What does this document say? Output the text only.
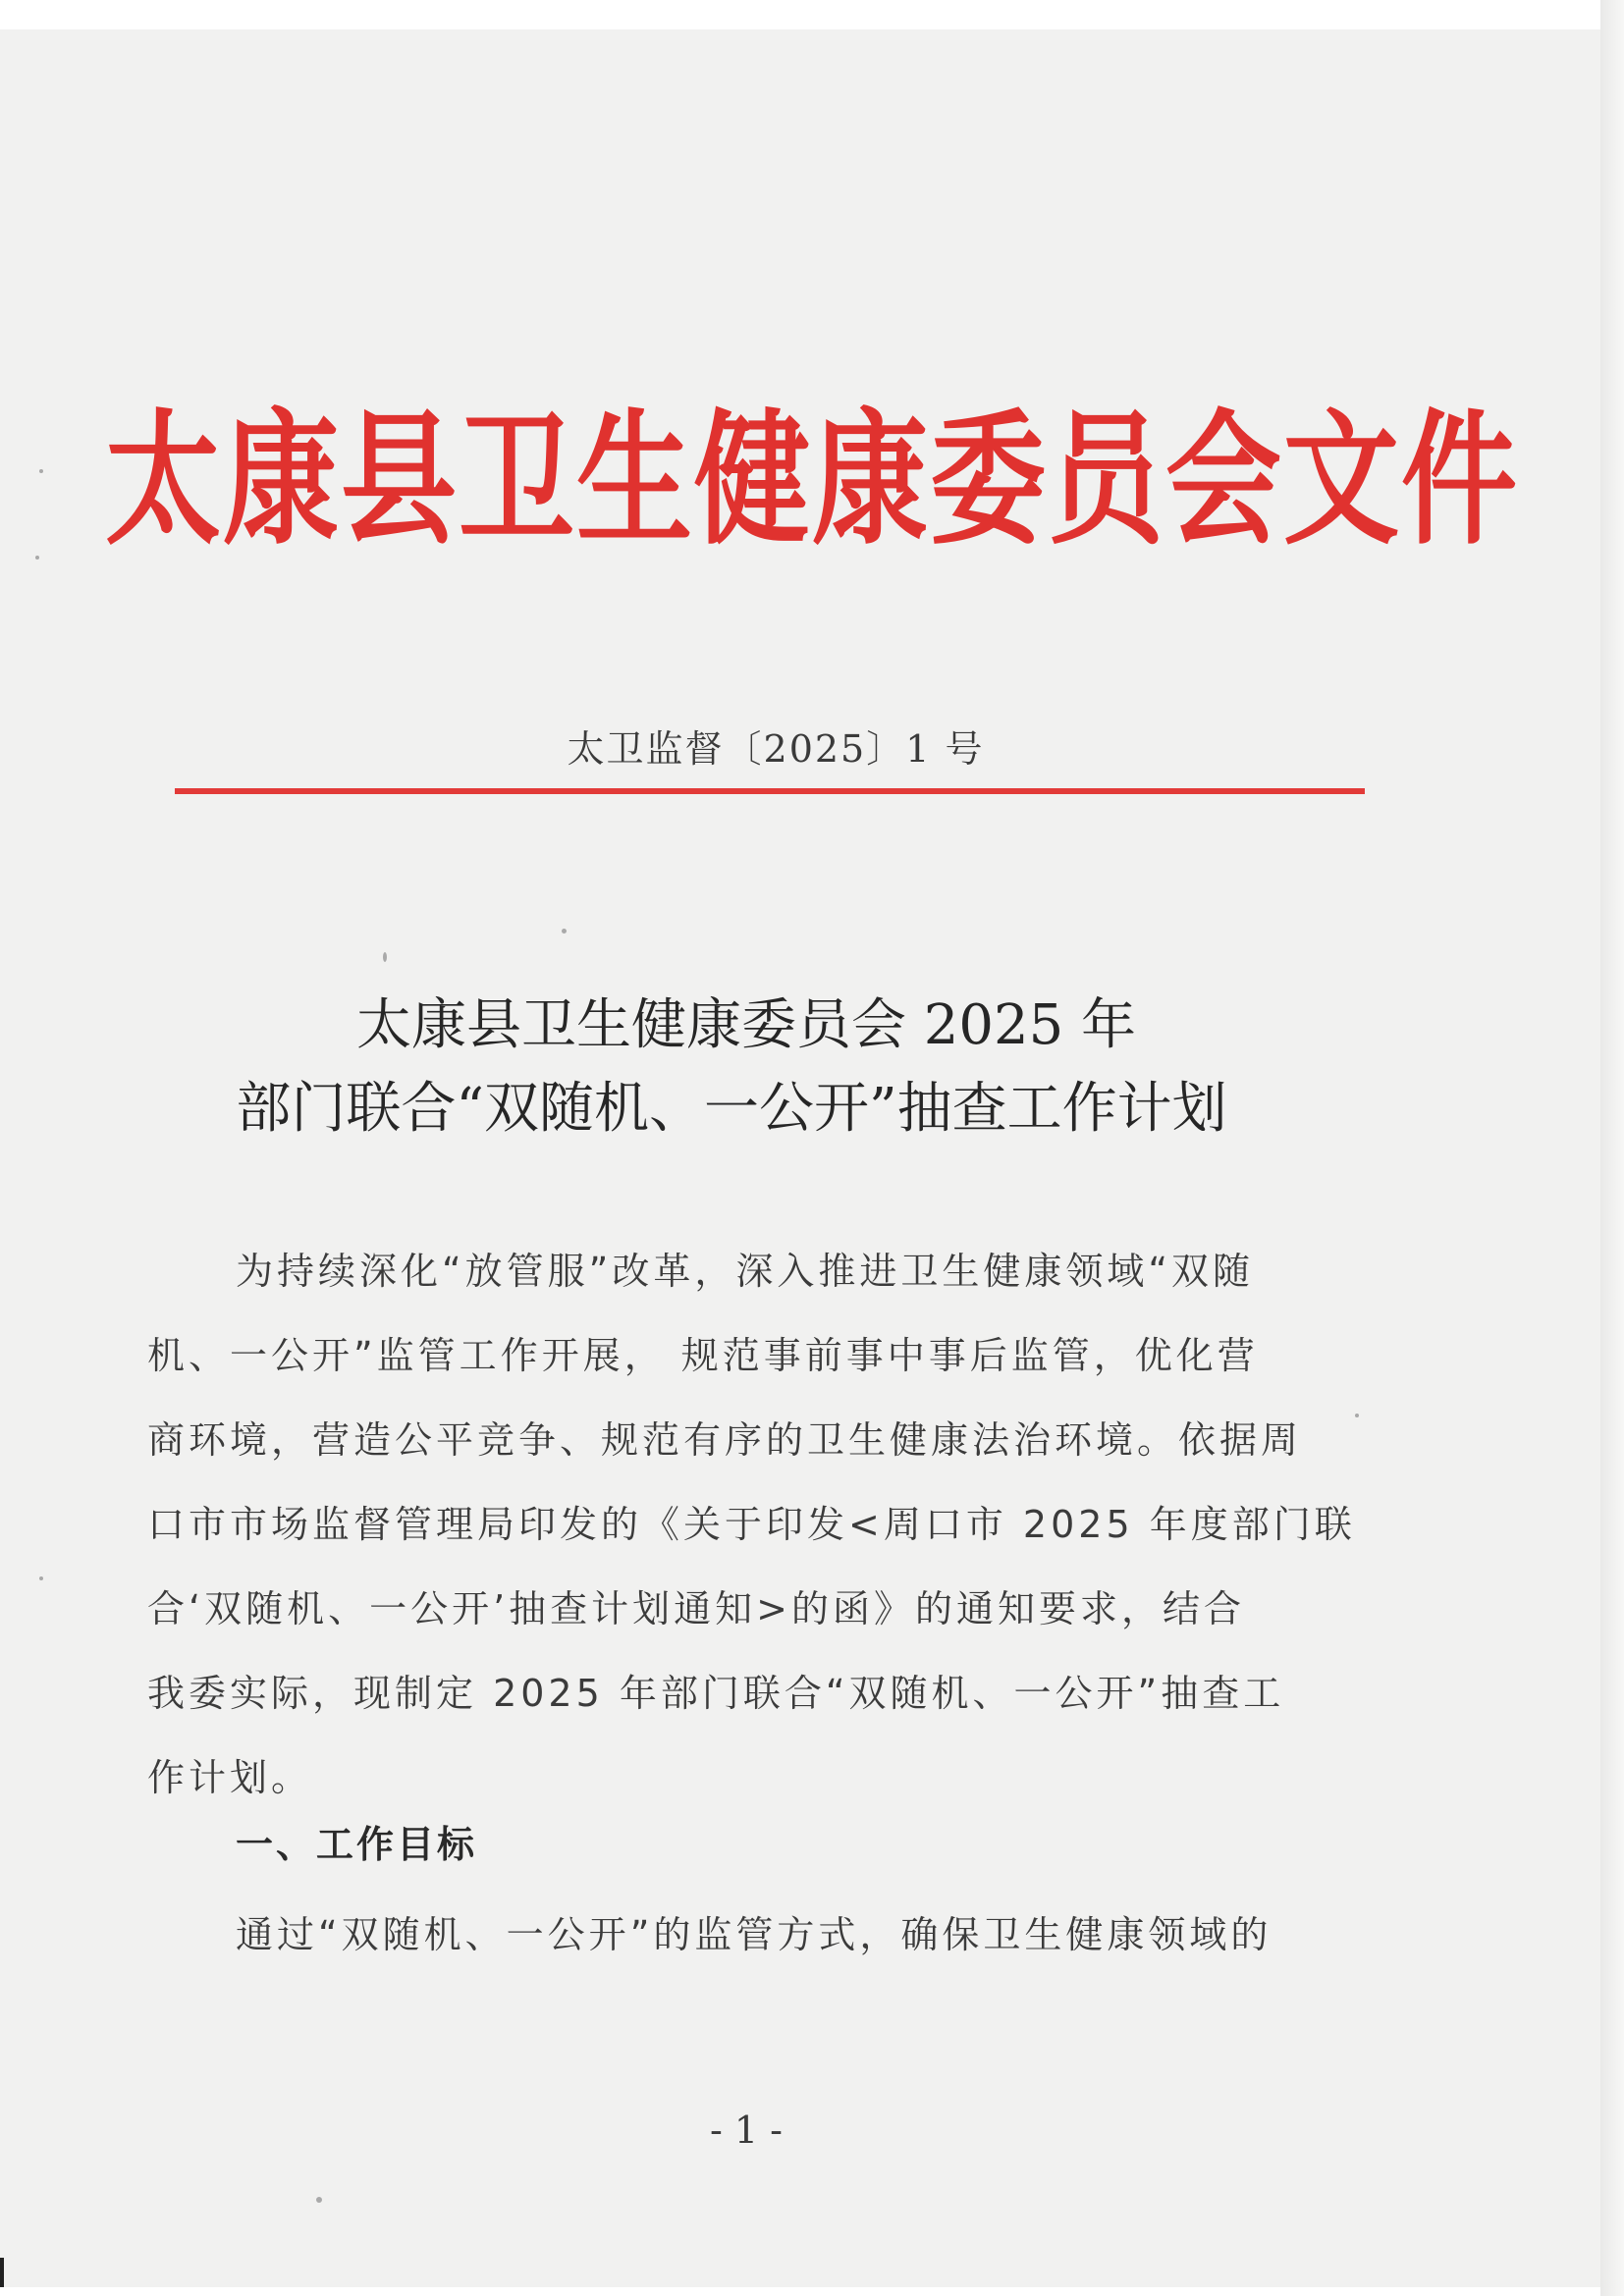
太康县卫生健康委员会文件
太卫监督〔2025〕1 号
太康县卫生健康委员会 2025 年
部门联合“双随机、一公开”抽查工作计划
为持续深化“放管服”改革，深入推进卫生健康领域“双随
机、一公开”监管工作开展， 规范事前事中事后监管，优化营
商环境，营造公平竞争、规范有序的卫生健康法治环境。依据周
口市市场监督管理局印发的《关于印发<周口市 2025 年度部门联
合‘双随机、一公开’抽查计划通知>的函》的通知要求，结合
我委实际，现制定 2025 年部门联合“双随机、一公开”抽查工
作计划。
一、工作目标
通过“双随机、一公开”的监管方式，确保卫生健康领域的
- 1 -
